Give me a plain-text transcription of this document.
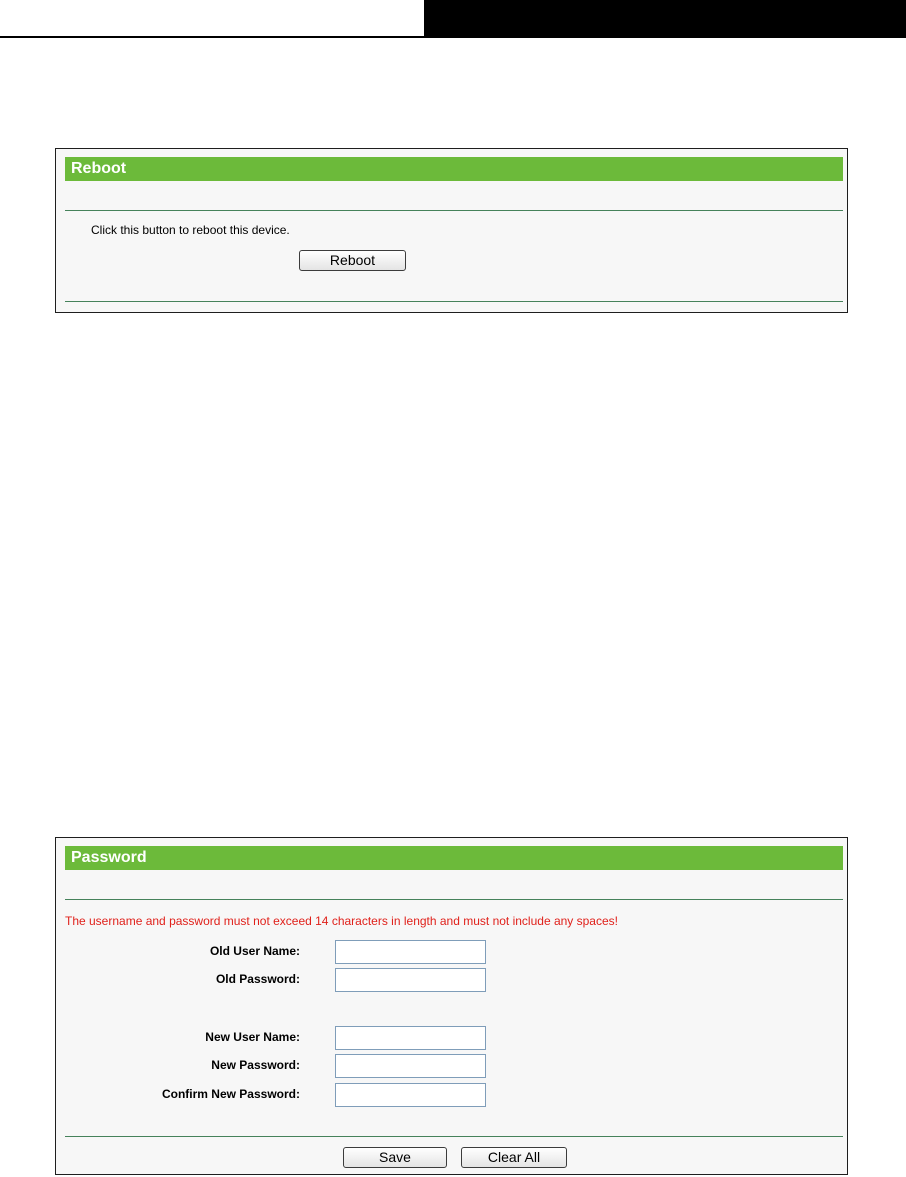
Reboot
Click this button to reboot this device.
Reboot
Password
The username and password must not exceed 14 characters in length and must not include any spaces!
Old User Name:
Old Password:
New User Name:
New Password:
Confirm New Password:
Save	Clear All
